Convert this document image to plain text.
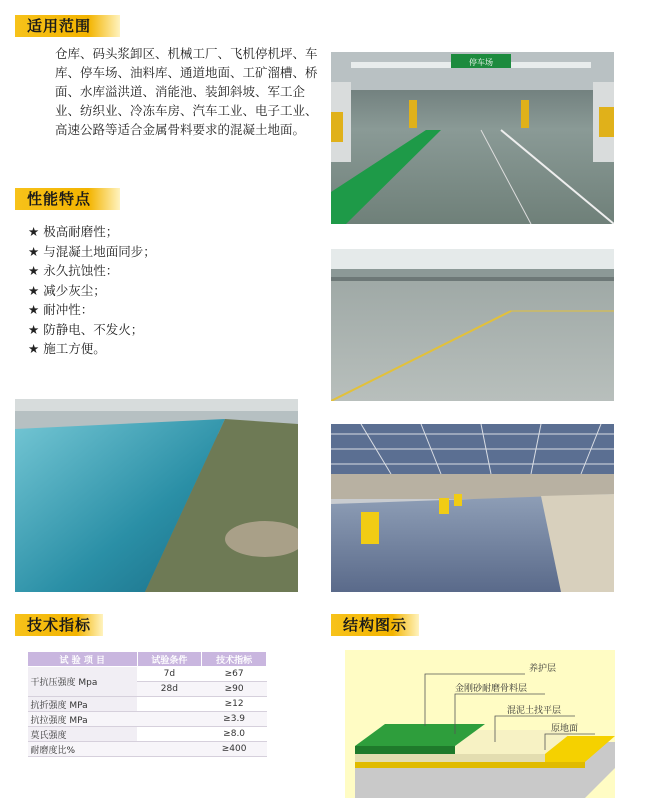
适用范围
仓库、码头浆卸区、机械工厂、飞机停机坪、车库、停车场、油料库、通道地面、工矿溜槽、桥面、水库溢洪道、消能池、装卸斜坡、军工企业、纺织业、冷冻车房、汽车工业、电子工业、高速公路等适合金属骨料要求的混凝土地面。
性能特点
★ 极高耐磨性；
★ 与混凝土地面同步；
★ 永久抗蚀性：
★ 减少灰尘；
★ 耐冲性：
★ 防静电、不发火；
★ 施工方便。
停车场
技术指标
试 验 项 目	试验条件	技术指标
干抗压强度 Mpa	7d	≥67
	28d	≥90
抗折强度 MPa		≥12
抗拉强度 MPa		≥3.9
莫氏强度		≥8.0
耐磨度比%		≥400
结构图示
养护层
金刚砂耐磨骨料层
混泥土找平层
原地面
